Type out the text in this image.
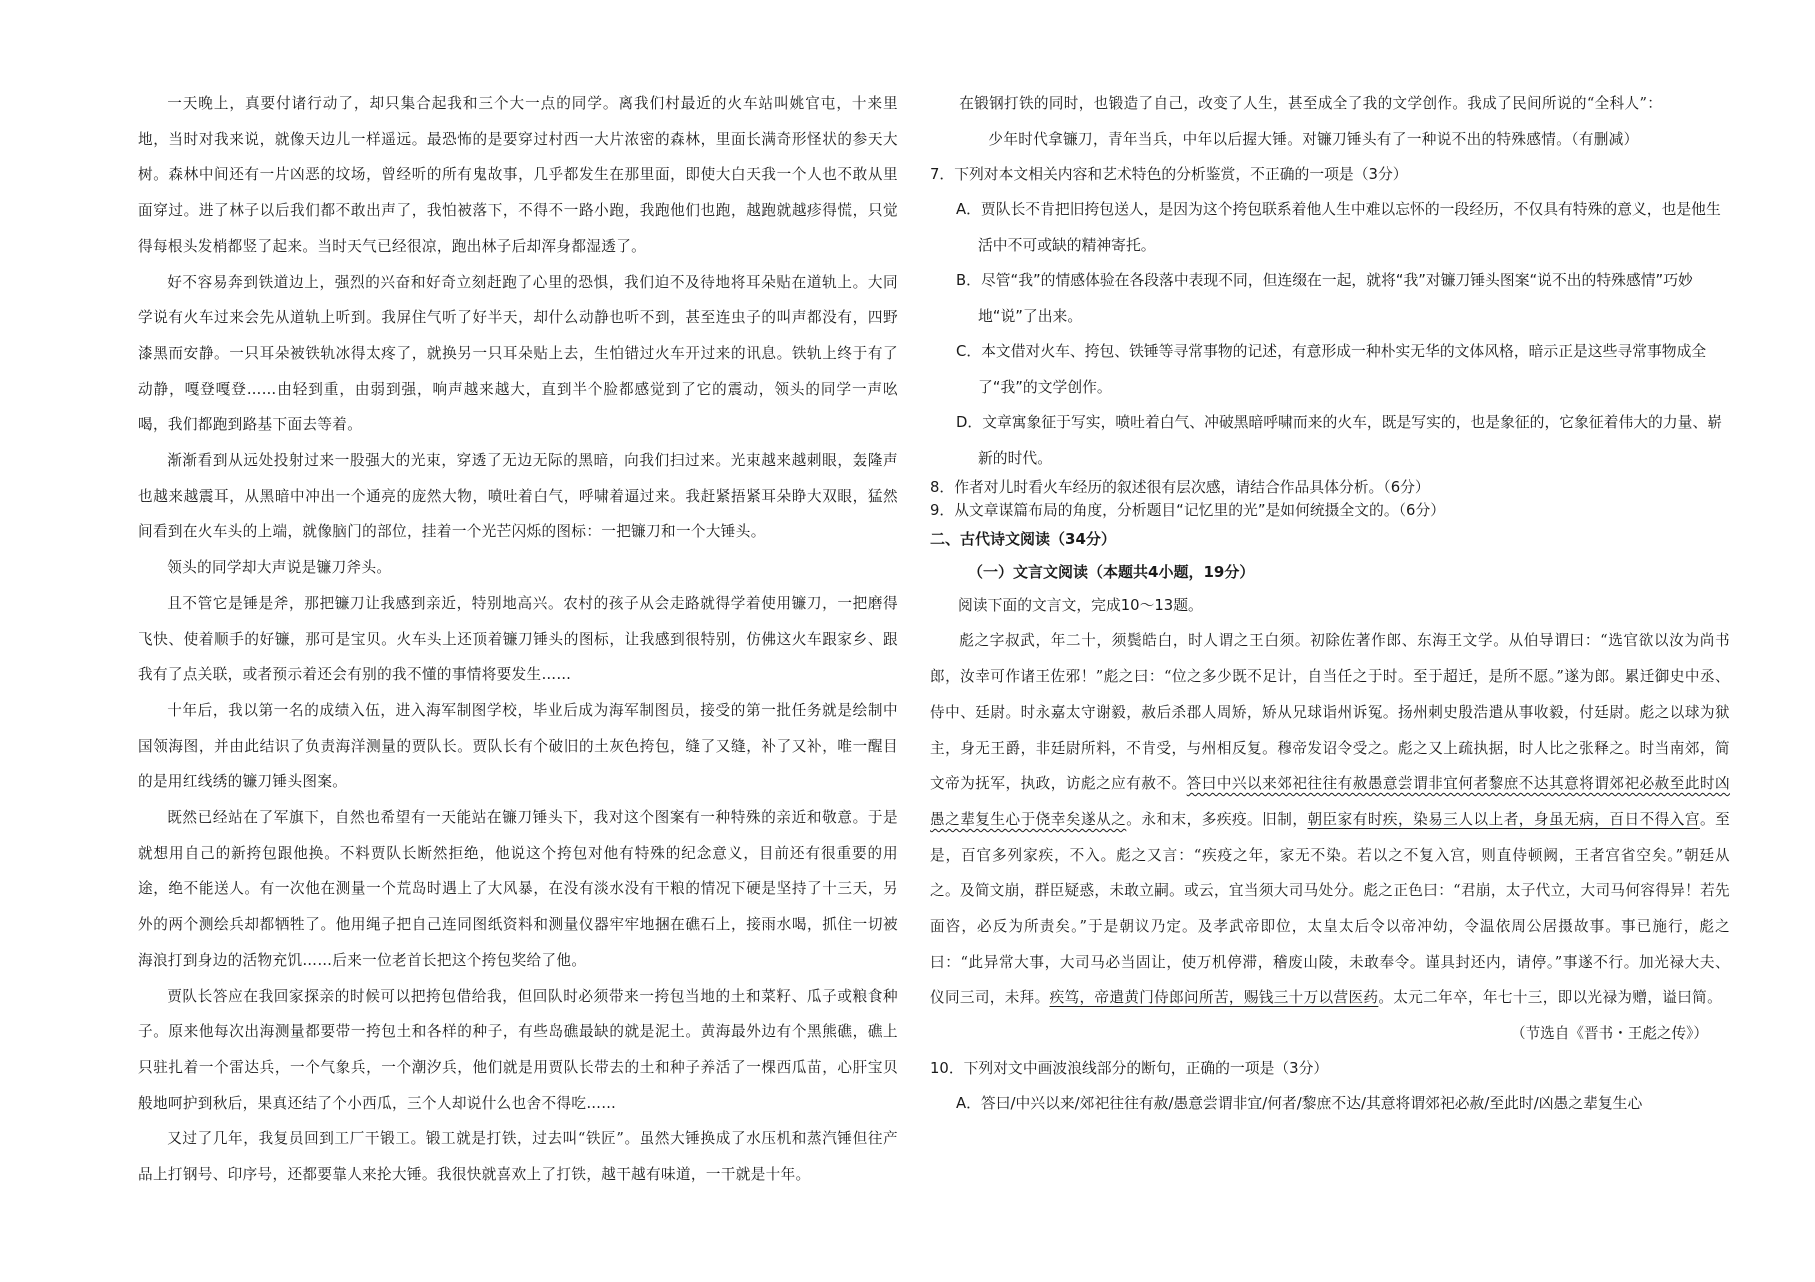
一天晚上，真要付诸行动了，却只集合起我和三个大一点的同学。离我们村最近的火车站叫姚官屯，十来里地，当时对我来说，就像天边儿一样遥远。最恐怖的是要穿过村西一大片浓密的森林，里面长满奇形怪状的参天大树。森林中间还有一片凶恶的坟场，曾经听的所有鬼故事，几乎都发生在那里面，即使大白天我一个人也不敢从里面穿过。进了林子以后我们都不敢出声了，我怕被落下，不得不一路小跑，我跑他们也跑，越跑就越疹得慌，只觉得每根头发梢都竖了起来。当时天气已经很凉，跑出林子后却浑身都湿透了。

好不容易奔到铁道边上，强烈的兴奋和好奇立刻赶跑了心里的恐惧，我们迫不及待地将耳朵贴在道轨上。大同学说有火车过来会先从道轨上听到。我屏住气听了好半天，却什么动静也听不到，甚至连虫子的叫声都没有，四野漆黑而安静。一只耳朵被铁轨冰得太疼了，就换另一只耳朵贴上去，生怕错过火车开过来的讯息。铁轨上终于有了动静，嘎登嘎登……由轻到重，由弱到强，响声越来越大，直到半个脸都感觉到了它的震动，领头的同学一声吆喝，我们都跑到路基下面去等着。

渐渐看到从远处投射过来一股强大的光束，穿透了无边无际的黑暗，向我们扫过来。光束越来越刺眼，轰隆声也越来越震耳，从黑暗中冲出一个通亮的庞然大物，喷吐着白气，呼啸着逼过来。我赶紧捂紧耳朵睁大双眼，猛然间看到在火车头的上端，就像脑门的部位，挂着一个光芒闪烁的图标：一把镰刀和一个大锤头。

领头的同学却大声说是镰刀斧头。

且不管它是锤是斧，那把镰刀让我感到亲近，特别地高兴。农村的孩子从会走路就得学着使用镰刀，一把磨得飞快、使着顺手的好镰，那可是宝贝。火车头上还顶着镰刀锤头的图标，让我感到很特别，仿佛这火车跟家乡、跟我有了点关联，或者预示着还会有别的我不懂的事情将要发生……

十年后，我以第一名的成绩入伍，进入海军制图学校，毕业后成为海军制图员，接受的第一批任务就是绘制中国领海图，并由此结识了负责海洋测量的贾队长。贾队长有个破旧的土灰色挎包，缝了又缝，补了又补，唯一醒目的是用红线绣的镰刀锤头图案。

既然已经站在了军旗下，自然也希望有一天能站在镰刀锤头下，我对这个图案有一种特殊的亲近和敬意。于是就想用自己的新挎包跟他换。不料贾队长断然拒绝，他说这个挎包对他有特殊的纪念意义，目前还有很重要的用途，绝不能送人。有一次他在测量一个荒岛时遇上了大风暴，在没有淡水没有干粮的情况下硬是坚持了十三天，另外的两个测绘兵却都牺牲了。他用绳子把自己连同图纸资料和测量仪器牢牢地捆在礁石上，接雨水喝，抓住一切被海浪打到身边的活物充饥……后来一位老首长把这个挎包奖给了他。

贾队长答应在我回家探亲的时候可以把挎包借给我，但回队时必须带来一挎包当地的土和菜籽、瓜子或粮食种子。原来他每次出海测量都要带一挎包土和各样的种子，有些岛礁最缺的就是泥土。黄海最外边有个黑熊礁，礁上只驻扎着一个雷达兵，一个气象兵，一个潮汐兵，他们就是用贾队长带去的土和种子养活了一棵西瓜苗，心肝宝贝般地呵护到秋后，果真还结了个小西瓜，三个人却说什么也舍不得吃……

又过了几年，我复员回到工厂干锻工。锻工就是打铁，过去叫“铁匠”。虽然大锤换成了水压机和蒸汽锤但往产品上打钢号、印序号，还都要靠人来抡大锤。我很快就喜欢上了打铁，越干越有味道，一干就是十年。

在锻钢打铁的同时，也锻造了自己，改变了人生，甚至成全了我的文学创作。我成了民间所说的“全科人”：

少年时代拿镰刀，青年当兵，中年以后握大锤。对镰刀锤头有了一种说不出的特殊感情。（有删减）

7．下列对本文相关内容和艺术特色的分析鉴赏，不正确的一项是（3分）

A．贾队长不肯把旧挎包送人，是因为这个挎包联系着他人生中难以忘怀的一段经历，不仅具有特殊的意义，也是他生活中不可或缺的精神寄托。

B．尽管“我”的情感体验在各段落中表现不同，但连缀在一起，就将“我”对镰刀锤头图案“说不出的特殊感情”巧妙地“说”了出来。

C．本文借对火车、挎包、铁锤等寻常事物的记述，有意形成一种朴实无华的文体风格，暗示正是这些寻常事物成全了“我”的文学创作。

D．文章寓象征于写实，喷吐着白气、冲破黑暗呼啸而来的火车，既是写实的，也是象征的，它象征着伟大的力量、崭新的时代。

8．作者对儿时看火车经历的叙述很有层次感，请结合作品具体分析。（6分）

9．从文章谋篇布局的角度，分析题目“记忆里的光”是如何统摄全文的。（6分）

二、古代诗文阅读（34分）

（一）文言文阅读（本题共4小题，19分）

阅读下面的文言文，完成10～13题。

彪之字叔武，年二十，须鬓皓白，时人谓之王白须。初除佐著作郎、东海王文学。从伯导谓曰：“选官欲以汝为尚书郎，汝幸可作诸王佐邪！”彪之曰：“位之多少既不足计，自当任之于时。至于超迁，是所不愿。”遂为郎。累迁御史中丞、侍中、廷尉。时永嘉太守谢毅，赦后杀郡人周矫，矫从兄球诣州诉冤。扬州刺史殷浩遣从事收毅，付廷尉。彪之以球为狱主，身无王爵，非廷尉所料，不肯受，与州相反复。穆帝发诏令受之。彪之又上疏执据，时人比之张释之。时当南郊，简文帝为抚军，执政，访彪之应有赦不。答曰中兴以来郊祀往往有赦愚意尝谓非宜何者黎庶不达其意将谓郊祀必赦至此时凶愚之辈复生心于侥幸矣遂从之。永和末，多疾疫。旧制，朝臣家有时疾，染易三人以上者，身虽无病，百日不得入宫。至是，百官多列家疾，不入。彪之又言：“疾疫之年，家无不染。若以之不复入宫，则直侍顿阙，王者宫省空矣。”朝廷从之。及简文崩，群臣疑惑，未敢立嗣。或云，宜当须大司马处分。彪之正色曰：“君崩，太子代立，大司马何容得异！若先面咨，必反为所责矣。”于是朝议乃定。及孝武帝即位，太皇太后令以帝冲幼，令温依周公居摄故事。事已施行，彪之曰：“此异常大事，大司马必当固让，使万机停滞，稽废山陵，未敢奉令。谨具封还内，请停。”事遂不行。加光禄大夫、仪同三司，未拜。疾笃，帝遣黄门侍郎问所苦，赐钱三十万以营医药。太元二年卒，年七十三，即以光禄为赠，谥曰简。

（节选自《晋书・王彪之传》）

10．下列对文中画波浪线部分的断句，正确的一项是（3分）

A．答曰/中兴以来/郊祀往往有赦/愚意尝谓非宜/何者/黎庶不达/其意将谓郊祀必赦/至此时/凶愚之辈复生心
